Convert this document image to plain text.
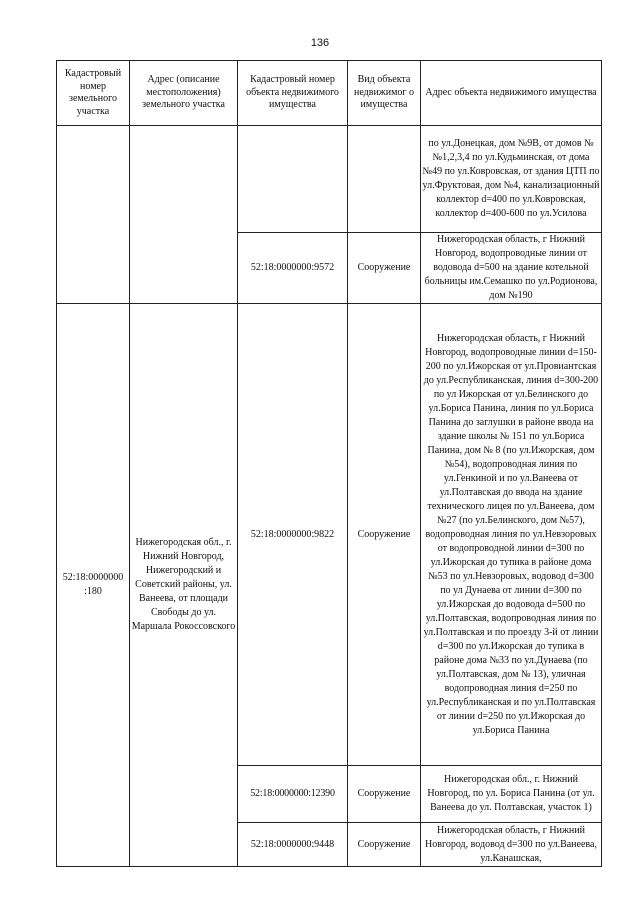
136
Кадастровый номер земельного участка	Адрес (описание местоположения) земельного участка	Кадастровый номер объекта недвижимого имущества	Вид объекта недвижимог о имущества	Адрес объекта недвижимого имущества
				по ул.Донецкая, дом №9В, от домов №№1,2,3,4 по ул.Кудьминская, от дома №49 по ул.Ковровская, от здания ЦТП по ул.Фруктовая, дом №4, канализационный коллектор d=400 по ул.Ковровская, коллектор d=400-600 по ул.Усилова
		52:18:0000000:9572	Сооружение	Нижегородская область, г Нижний Новгород, водопроводные линии от водовода d=500 на здание котельной больницы им.Семашко по ул.Родионова, дом №190
52:18:0000000 :180	Нижегородская обл., г. Нижний Новгород, Нижегородский и Советский районы, ул. Ванеева, от площади Свободы до ул. Маршала Рокоссовского	52:18:0000000:9822	Сооружение	Нижегородская область, г Нижний Новгород, водопроводные линии d=150-200 по ул.Ижорская от ул.Провиантская до ул.Республиканская, линия d=300-200 по ул Ижорская от ул.Белинского до ул.Бориса Панина, линия по ул.Бориса Панина до заглушки в районе ввода на здание школы № 151 по ул.Бориса Панина, дом № 8 (по ул.Ижорская, дом №54), водопроводная линия по ул.Генкиной и по ул.Ванеева от ул.Полтавская до ввода на здание технического лицея по ул.Ванеева, дом №27 (по ул.Белинского, дом №57), водопроводная линия по ул.Невзоровых от водопроводной линии d=300 по ул.Ижорская до тупика в районе дома №53 по ул.Невзоровых, водовод d=300 по ул Дунаева от линии d=300 по ул.Ижорская до водовода d=500 по ул.Полтавская, водопроводная линия по ул.Полтавская и по проезду 3-й от линии d=300 по ул.Ижорская до тупика в районе дома №33 по ул.Дунаева (по ул.Полтавская, дом № 13), уличная водопроводная линия d=250 по ул.Республиканская и по ул.Полтавская от линии d=250 по ул.Ижорская до ул.Бориса Панина
		52:18:0000000:12390	Сооружение	Нижегородская обл., г. Нижний Новгород, по ул. Бориса Панина (от ул. Ванеева до ул. Полтавская, участок 1)
		52:18:0000000:9448	Сооружение	Нижегородская область, г Нижний Новгород, водовод d=300 по ул.Ванеева, ул.Канашская,
